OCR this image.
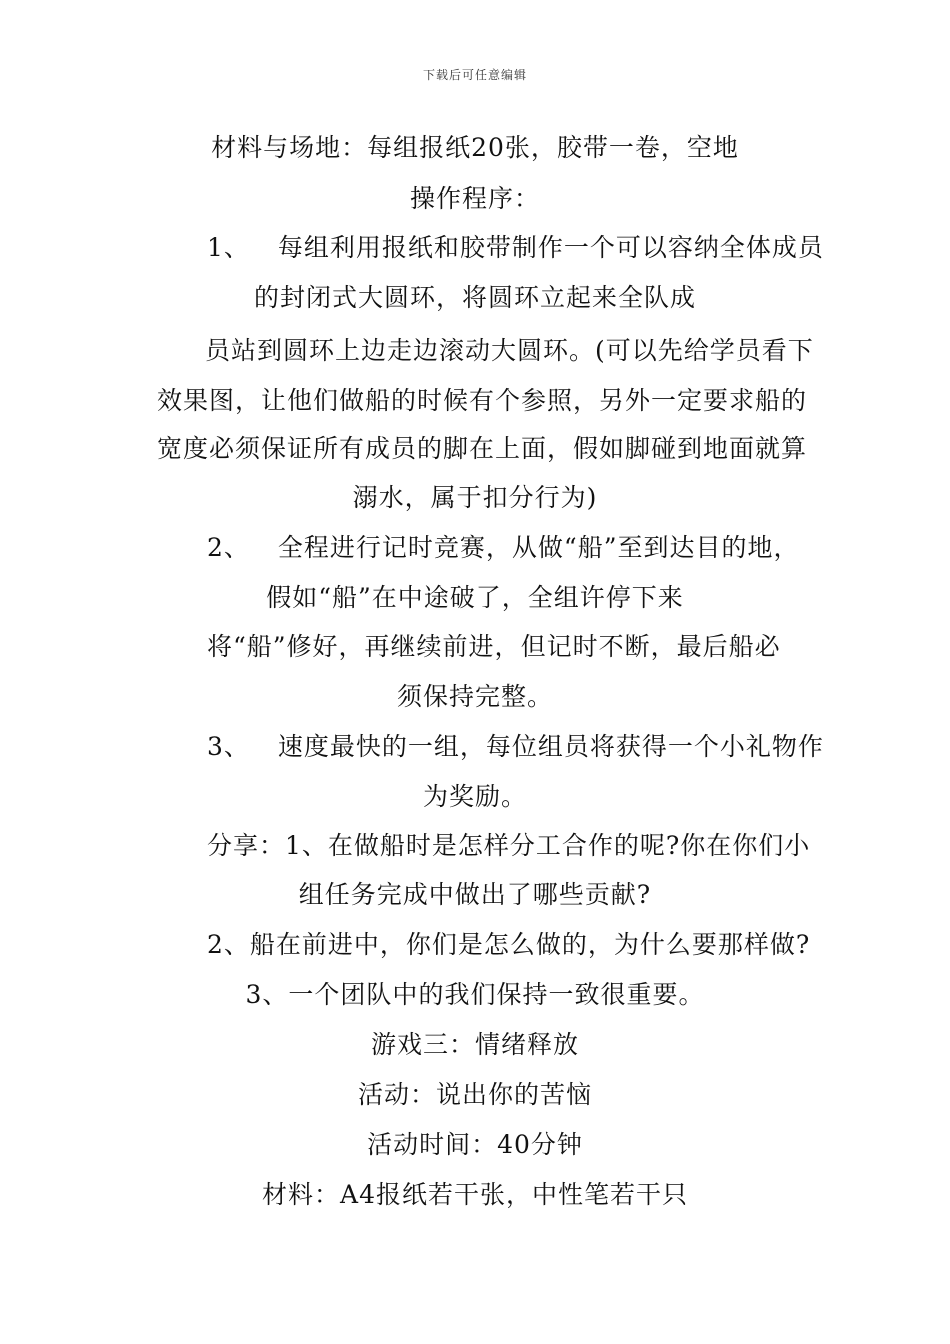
下载后可任意编辑
材料与场地：每组报纸20张，胶带一卷，空地
操作程序：
1、 每组利用报纸和胶带制作一个可以容纳全体成员
的封闭式大圆环，将圆环立起来全队成
员站到圆环上边走边滚动大圆环。(可以先给学员看下
效果图，让他们做船的时候有个参照，另外一定要求船的
宽度必须保证所有成员的脚在上面，假如脚碰到地面就算
溺水，属于扣分行为)
2、 全程进行记时竞赛，从做“船”至到达目的地，
假如“船”在中途破了，全组许停下来
将“船”修好，再继续前进，但记时不断，最后船必
须保持完整。
3、 速度最快的一组，每位组员将获得一个小礼物作
为奖励。
分享：1、在做船时是怎样分工合作的呢?你在你们小
组任务完成中做出了哪些贡献?
2、船在前进中，你们是怎么做的，为什么要那样做?
3、一个团队中的我们保持一致很重要。
游戏三：情绪释放
活动：说出你的苦恼
活动时间：40分钟
材料：A4报纸若干张，中性笔若干只
